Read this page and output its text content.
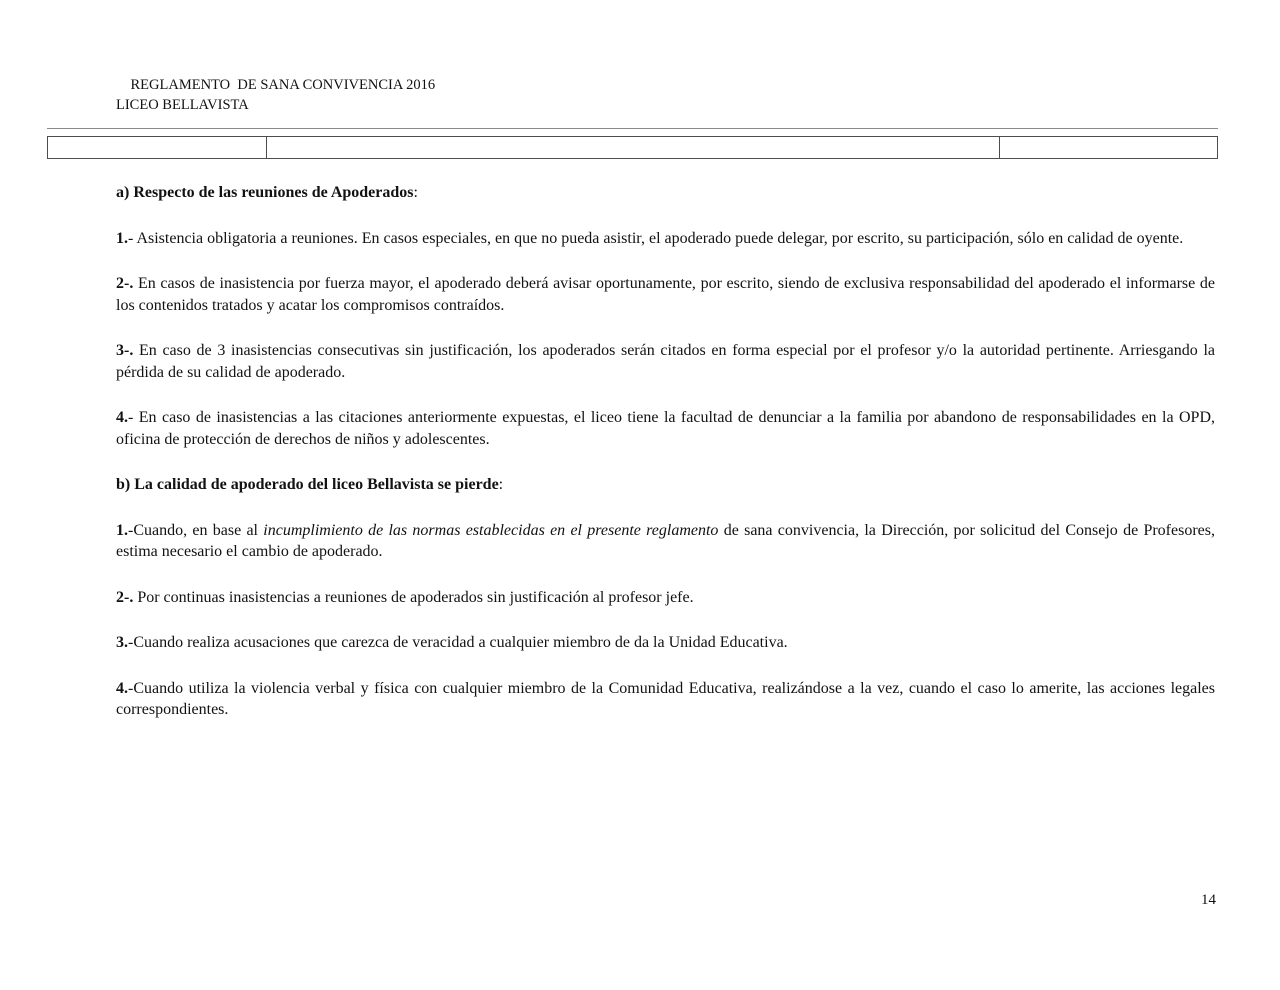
REGLAMENTO  DE SANA CONVIVENCIA 2016

LICEO BELLAVISTA

a) Respecto de las reuniones de Apoderados:

1.- Asistencia obligatoria a reuniones. En casos especiales, en que no pueda asistir, el apoderado puede delegar, por escrito, su participación, sólo en calidad de oyente.

2-. En casos de inasistencia por fuerza mayor, el apoderado deberá avisar oportunamente, por escrito, siendo de exclusiva responsabilidad del apoderado el informarse de los contenidos tratados y acatar los compromisos contraídos.

3-. En caso de 3 inasistencias consecutivas sin justificación, los apoderados serán citados en forma especial por el profesor y/o la autoridad pertinente. Arriesgando la pérdida de su calidad de apoderado.

4.- En caso de inasistencias a las citaciones anteriormente expuestas, el liceo tiene la facultad de denunciar a la familia por abandono de responsabilidades en la OPD, oficina de protección de derechos de niños y adolescentes.

b) La calidad de apoderado del liceo Bellavista se pierde:

1.-Cuando, en base al incumplimiento de las normas establecidas en el presente reglamento de sana convivencia, la Dirección, por solicitud del Consejo de Profesores, estima necesario el cambio de apoderado.

2-. Por continuas inasistencias a reuniones de apoderados sin justificación al profesor jefe.

3.-Cuando realiza acusaciones que carezca de veracidad a cualquier miembro de da la Unidad Educativa.

4.-Cuando utiliza la violencia verbal y física con cualquier miembro de la Comunidad Educativa, realizándose a la vez, cuando el caso lo amerite, las acciones legales correspondientes.

14
